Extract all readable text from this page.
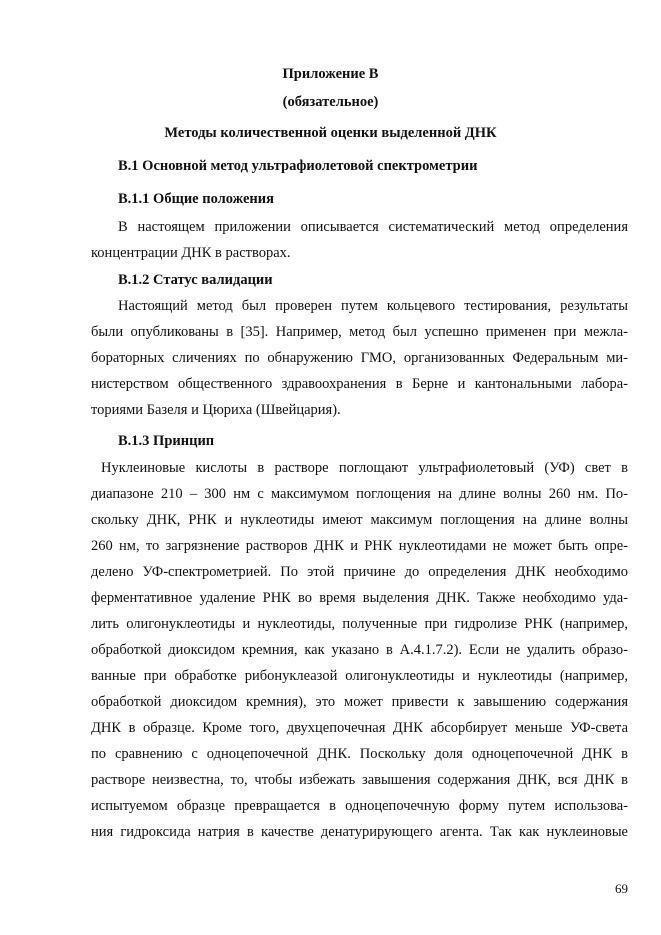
Приложение В
(обязательное)
Методы количественной оценки выделенной ДНК
В.1 Основной метод ультрафиолетовой спектрометрии
В.1.1 Общие положения
В настоящем приложении описывается систематический метод определения
концентрации ДНК в растворах.
В.1.2 Статус валидации
Настоящий метод был проверен путем кольцевого тестирования, результаты
были опубликованы в [35]. Например, метод был успешно применен при межла-
бораторных сличениях по обнаружению ГМО, организованных Федеральным ми-
нистерством общественного здравоохранения в Берне и кантональными лабора-
ториями Базеля и Цюриха (Швейцария).
В.1.3 Принцип
Нуклеиновые кислоты в растворе поглощают ультрафиолетовый (УФ) свет в
диапазоне 210 – 300 нм с максимумом поглощения на длине волны 260 нм. По-
скольку ДНК, РНК и нуклеотиды имеют максимум поглощения на длине волны
260 нм, то загрязнение растворов ДНК и РНК нуклеотидами не может быть опре-
делено УФ-спектрометрией. По этой причине до определения ДНК необходимо
ферментативное удаление РНК во время выделения ДНК. Также необходимо уда-
лить олигонуклеотиды и нуклеотиды, полученные при гидролизе РНК (например,
обработкой диоксидом кремния, как указано в А.4.1.7.2). Если не удалить образо-
ванные при обработке рибонуклеазой олигонуклеотиды и нуклеотиды (например,
обработкой диоксидом кремния), это может привести к завышению содержания
ДНК в образце. Кроме того, двухцепочечная ДНК абсорбирует меньше УФ-света
по сравнению с одноцепочечной ДНК. Поскольку доля одноцепочечной ДНК в
растворе неизвестна, то, чтобы избежать завышения содержания ДНК, вся ДНК в
испытуемом образце превращается в одноцепочечную форму путем использова-
ния гидроксида натрия в качестве денатурирующего агента. Так как нуклеиновые
69
